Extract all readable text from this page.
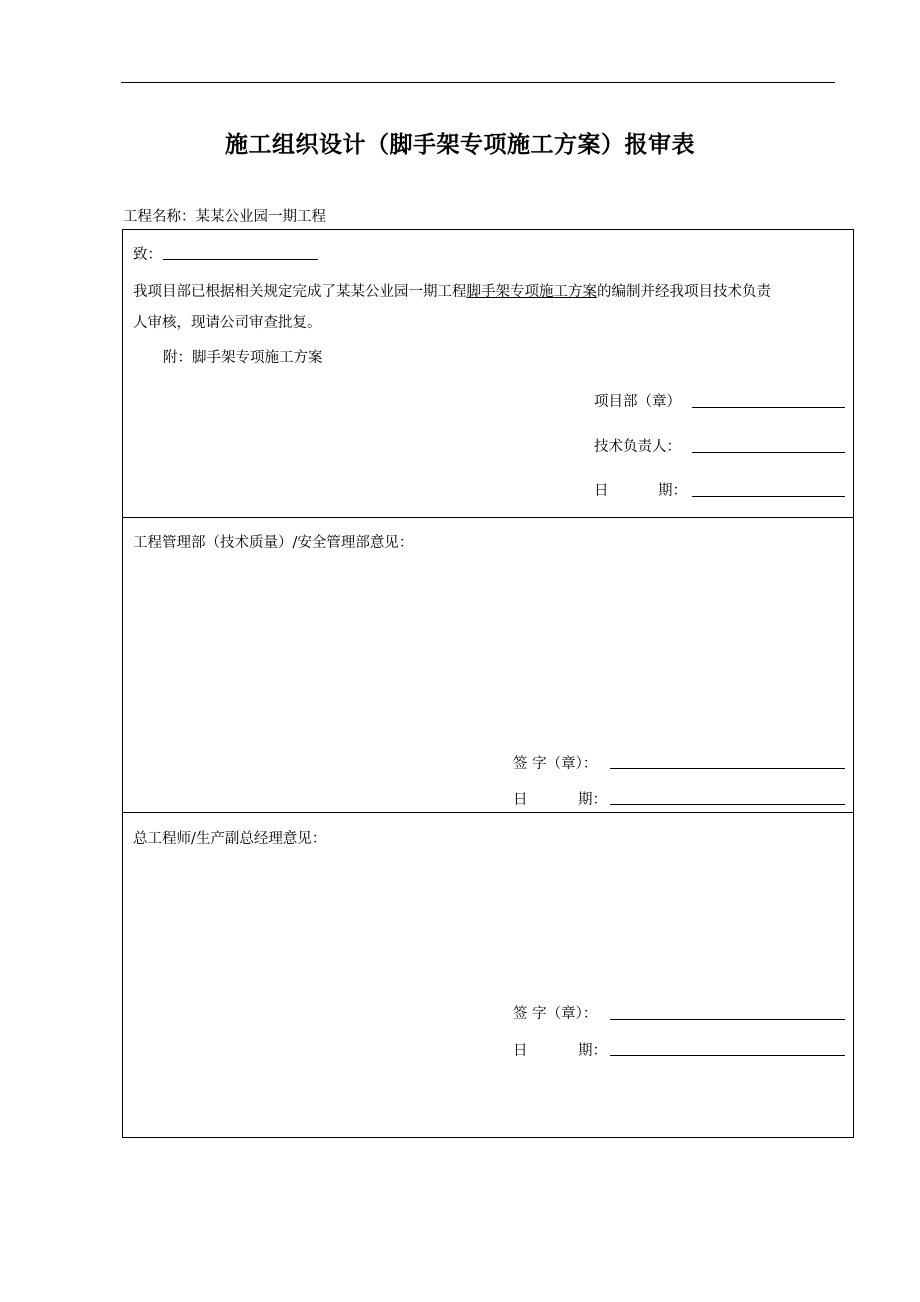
施工组织设计（脚手架专项施工方案）报审表
工程名称：某某公业园一期工程
致：
我项目部已根据相关规定完成了某某公业园一期工程脚手架专项施工方案的编制并经我项目技术负责
人审核，现请公司审查批复。
附：脚手架专项施工方案
项目部（章）
技术负责人：
日	期：
工程管理部（技术质量）/安全管理部意见：
签 字（章）：
日	期：
总工程师/生产副总经理意见：
签 字（章）：
日	期：
